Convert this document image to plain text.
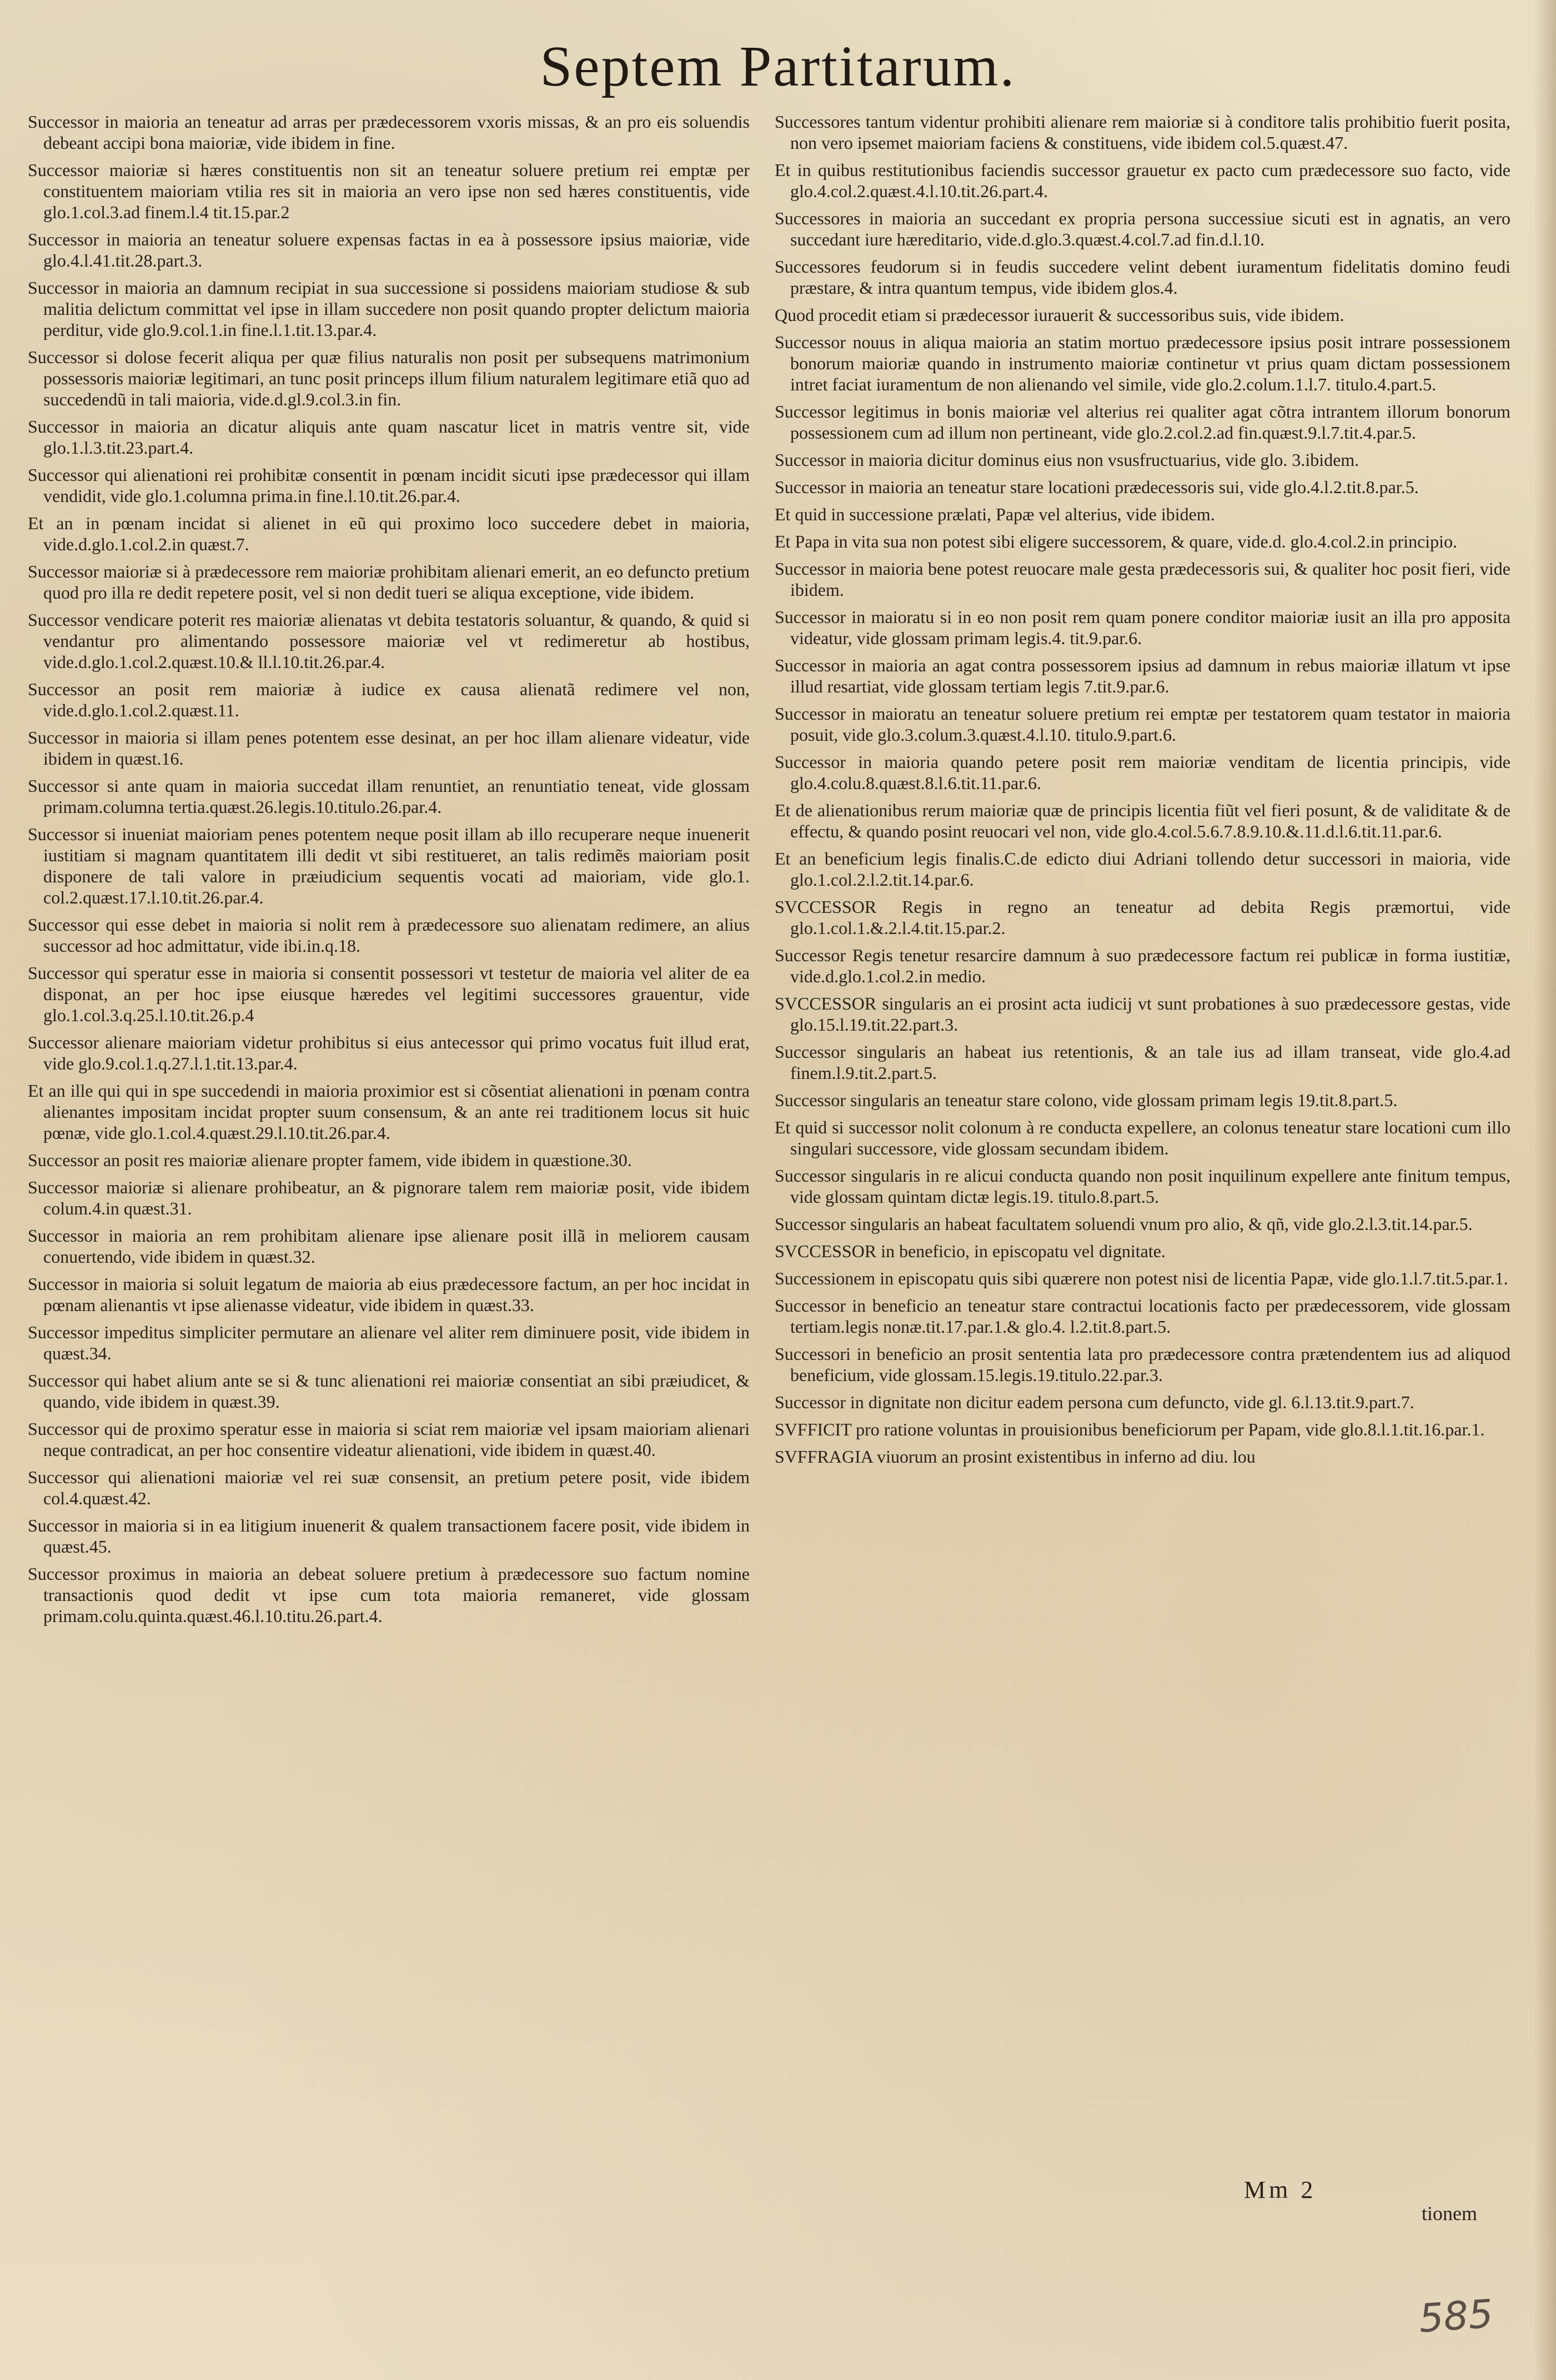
Septem Partitarum.

Successor in maioria an teneatur ad arras per prædecessorem vxoris missas, & an pro eis soluendis debeant accipi bona maioriæ, vide ibidem in fine.

Successor maioriæ si hæres constituentis non sit an teneatur soluere pretium rei emptæ per constituentem maioriam vtilia res sit in maioria an vero ipse non sed hæres constituentis, vide glo.1.col.3.ad finem.l.4 tit.15.par.2

Successor in maioria an teneatur soluere expensas factas in ea à possessore ipsius maioriæ, vide glo.4.l.41.tit.28.part.3.

Successor in maioria an damnum recipiat in sua successione si possidens maioriam studiose & sub malitia delictum committat vel ipse in illam succedere non posit quando propter delictum maioria perditur, vide glo.9.col.1.in fine.l.1.tit.13.par.4.

Successor si dolose fecerit aliqua per quæ filius naturalis non posit per subsequens matrimonium possessoris maioriæ legitimari, an tunc posit princeps illum filium naturalem legitimare etiã quo ad succedendũ in tali maioria, vide.d.gl.9.col.3.in fin.

Successor in maioria an dicatur aliquis ante quam nascatur licet in matris ventre sit, vide glo.1.l.3.tit.23.part.4.

Successor qui alienationi rei prohibitæ consentit in pœnam incidit sicuti ipse prædecessor qui illam vendidit, vide glo.1.columna prima.in fine.l.10.tit.26.par.4.

Et an in pœnam incidat si alienet in eũ qui proximo loco succedere debet in maioria, vide.d.glo.1.col.2.in quæst.7.

Successor maioriæ si à prædecessore rem maioriæ prohibitam alienari emerit, an eo defuncto pretium quod pro illa re dedit repetere posit, vel si non dedit tueri se aliqua exceptione, vide ibidem.

Successor vendicare poterit res maioriæ alienatas vt debita testatoris soluantur, & quando, & quid si vendantur pro alimentando possessore maioriæ vel vt redimeretur ab hostibus, vide.d.glo.1.col.2.quæst.10.& ll.l.10.tit.26.par.4.

Successor an posit rem maioriæ à iudice ex causa alienatã redimere vel non, vide.d.glo.1.col.2.quæst.11.

Successor in maioria si illam penes potentem esse desinat, an per hoc illam alienare videatur, vide ibidem in quæst.16.

Successor si ante quam in maioria succedat illam renuntiet, an renuntiatio teneat, vide glossam primam.columna tertia.quæst.26.legis.10.titulo.26.par.4.

Successor si inueniat maioriam penes potentem neque posit illam ab illo recuperare neque inuenerit iustitiam si magnam quantitatem illi dedit vt sibi restitueret, an talis redimẽs maioriam posit disponere de tali valore in præiudicium sequentis vocati ad maioriam, vide glo.1. col.2.quæst.17.l.10.tit.26.par.4.

Successor qui esse debet in maioria si nolit rem à prædecessore suo alienatam redimere, an alius successor ad hoc admittatur, vide ibi.in.q.18.

Successor qui speratur esse in maioria si consentit possessori vt testetur de maioria vel aliter de ea disponat, an per hoc ipse eiusque hæredes vel legitimi successores grauentur, vide glo.1.col.3.q.25.l.10.tit.26.p.4

Successor alienare maioriam videtur prohibitus si eius antecessor qui primo vocatus fuit illud erat, vide glo.9.col.1.q.27.l.1.tit.13.par.4.

Et an ille qui qui in spe succedendi in maioria proximior est si cõsentiat alienationi in pœnam contra alienantes impositam incidat propter suum consensum, & an ante rei traditionem locus sit huic pœnæ, vide glo.1.col.4.quæst.29.l.10.tit.26.par.4.

Successor an posit res maioriæ alienare propter famem, vide ibidem in quæstione.30.

Successor maioriæ si alienare prohibeatur, an & pignorare talem rem maioriæ posit, vide ibidem colum.4.in quæst.31.

Successor in maioria an rem prohibitam alienare ipse alienare posit illã in meliorem causam conuertendo, vide ibidem in quæst.32.

Successor in maioria si soluit legatum de maioria ab eius prædecessore factum, an per hoc incidat in pœnam alienantis vt ipse alienasse videatur, vide ibidem in quæst.33.

Successor impeditus simpliciter permutare an alienare vel aliter rem diminuere posit, vide ibidem in quæst.34.

Successor qui habet alium ante se si & tunc alienationi rei maioriæ consentiat an sibi præiudicet, & quando, vide ibidem in quæst.39.

Successor qui de proximo speratur esse in maioria si sciat rem maioriæ vel ipsam maioriam alienari neque contradicat, an per hoc consentire videatur alienationi, vide ibidem in quæst.40.

Successor qui alienationi maioriæ vel rei suæ consensit, an pretium petere posit, vide ibidem col.4.quæst.42.

Successor in maioria si in ea litigium inuenerit & qualem transactionem facere posit, vide ibidem in quæst.45.

Successor proximus in maioria an debeat soluere pretium à prædecessore suo factum nomine transactionis quod dedit vt ipse cum tota maioria remaneret, vide glossam primam.colu.quinta.quæst.46.l.10.titu.26.part.4.

Successores tantum videntur prohibiti alienare rem maioriæ si à conditore talis prohibitio fuerit posita, non vero ipsemet maioriam faciens & constituens, vide ibidem col.5.quæst.47.

Et in quibus restitutionibus faciendis successor grauetur ex pacto cum prædecessore suo facto, vide glo.4.col.2.quæst.4.l.10.tit.26.part.4.

Successores in maioria an succedant ex propria persona successiue sicuti est in agnatis, an vero succedant iure hæreditario, vide.d.glo.3.quæst.4.col.7.ad fin.d.l.10.

Successores feudorum si in feudis succedere velint debent iuramentum fidelitatis domino feudi præstare, & intra quantum tempus, vide ibidem glos.4.

Quod procedit etiam si prædecessor iurauerit & successoribus suis, vide ibidem.

Successor nouus in aliqua maioria an statim mortuo prædecessore ipsius posit intrare possessionem bonorum maioriæ quando in instrumento maioriæ continetur vt prius quam dictam possessionem intret faciat iuramentum de non alienando vel simile, vide glo.2.colum.1.l.7. titulo.4.part.5.

Successor legitimus in bonis maioriæ vel alterius rei qualiter agat cõtra intrantem illorum bonorum possessionem cum ad illum non pertineant, vide glo.2.col.2.ad fin.quæst.9.l.7.tit.4.par.5.

Successor in maioria dicitur dominus eius non vsusfructuarius, vide glo. 3.ibidem.

Successor in maioria an teneatur stare locationi prædecessoris sui, vide glo.4.l.2.tit.8.par.5.

Et quid in successione prælati, Papæ vel alterius, vide ibidem.

Et Papa in vita sua non potest sibi eligere successorem, & quare, vide.d. glo.4.col.2.in principio.

Successor in maioria bene potest reuocare male gesta prædecessoris sui, & qualiter hoc posit fieri, vide ibidem.

Successor in maioratu si in eo non posit rem quam ponere conditor maioriæ iusit an illa pro apposita videatur, vide glossam primam legis.4. tit.9.par.6.

Successor in maioria an agat contra possessorem ipsius ad damnum in rebus maioriæ illatum vt ipse illud resartiat, vide glossam tertiam legis 7.tit.9.par.6.

Successor in maioratu an teneatur soluere pretium rei emptæ per testatorem quam testator in maioria posuit, vide glo.3.colum.3.quæst.4.l.10. titulo.9.part.6.

Successor in maioria quando petere posit rem maioriæ venditam de licentia principis, vide glo.4.colu.8.quæst.8.l.6.tit.11.par.6.

Et de alienationibus rerum maioriæ quæ de principis licentia fiũt vel fieri posunt, & de validitate & de effectu, & quando posint reuocari vel non, vide glo.4.col.5.6.7.8.9.10.&.11.d.l.6.tit.11.par.6.

Et an beneficium legis finalis.C.de edicto diui Adriani tollendo detur successori in maioria, vide glo.1.col.2.l.2.tit.14.par.6.

SVCCESSOR Regis in regno an teneatur ad debita Regis præmortui, vide glo.1.col.1.&.2.l.4.tit.15.par.2.

Successor Regis tenetur resarcire damnum à suo prædecessore factum rei publicæ in forma iustitiæ, vide.d.glo.1.col.2.in medio.

SVCCESSOR singularis an ei prosint acta iudicij vt sunt probationes à suo prædecessore gestas, vide glo.15.l.19.tit.22.part.3.

Successor singularis an habeat ius retentionis, & an tale ius ad illam transeat, vide glo.4.ad finem.l.9.tit.2.part.5.

Successor singularis an teneatur stare colono, vide glossam primam legis 19.tit.8.part.5.

Et quid si successor nolit colonum à re conducta expellere, an colonus teneatur stare locationi cum illo singulari successore, vide glossam secundam ibidem.

Successor singularis in re alicui conducta quando non posit inquilinum expellere ante finitum tempus, vide glossam quintam dictæ legis.19. titulo.8.part.5.

Successor singularis an habeat facultatem soluendi vnum pro alio, & qñ, vide glo.2.l.3.tit.14.par.5.

SVCCESSOR in beneficio, in episcopatu vel dignitate.

Successionem in episcopatu quis sibi quærere non potest nisi de licentia Papæ, vide glo.1.l.7.tit.5.par.1.

Successor in beneficio an teneatur stare contractui locationis facto per prædecessorem, vide glossam tertiam.legis nonæ.tit.17.par.1.& glo.4. l.2.tit.8.part.5.

Successori in beneficio an prosit sententia lata pro prædecessore contra prætendentem ius ad aliquod beneficium, vide glossam.15.legis.19.titulo.22.par.3.

Successor in dignitate non dicitur eadem persona cum defuncto, vide gl. 6.l.13.tit.9.part.7.

SVFFICIT pro ratione voluntas in prouisionibus beneficiorum per Papam, vide glo.8.l.1.tit.16.par.1.

SVFFRAGIA viuorum an prosint existentibus in inferno ad diu. lou

Mm 2
tionem
585
